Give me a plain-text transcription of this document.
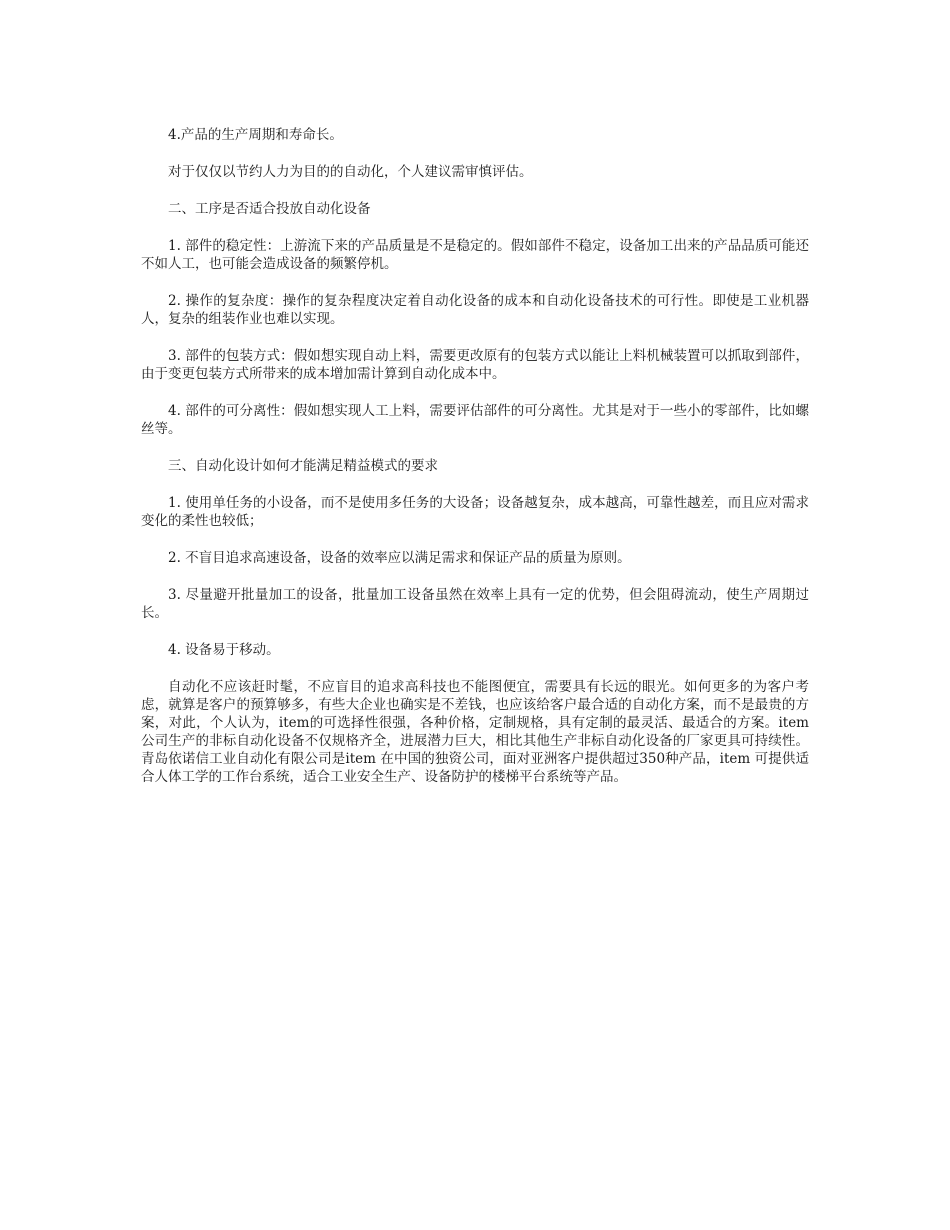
4.产品的生产周期和寿命长。

对于仅仅以节约人力为目的的自动化，个人建议需审慎评估。

二、工序是否适合投放自动化设备

1. 部件的稳定性：上游流下来的产品质量是不是稳定的。假如部件不稳定，设备加工出来的产品品质可能还不如人工，也可能会造成设备的频繁停机。

2. 操作的复杂度：操作的复杂程度决定着自动化设备的成本和自动化设备技术的可行性。即使是工业机器人，复杂的组装作业也难以实现。

3. 部件的包装方式：假如想实现自动上料，需要更改原有的包装方式以能让上料机械装置可以抓取到部件，由于变更包装方式所带来的成本增加需计算到自动化成本中。

4. 部件的可分离性：假如想实现人工上料，需要评估部件的可分离性。尤其是对于一些小的零部件，比如螺丝等。

三、自动化设计如何才能满足精益模式的要求

1. 使用单任务的小设备，而不是使用多任务的大设备；设备越复杂，成本越高，可靠性越差，而且应对需求变化的柔性也较低；

2. 不盲目追求高速设备，设备的效率应以满足需求和保证产品的质量为原则。

3. 尽量避开批量加工的设备，批量加工设备虽然在效率上具有一定的优势，但会阻碍流动，使生产周期过长。

4. 设备易于移动。

自动化不应该赶时髦，不应盲目的追求高科技也不能图便宜，需要具有长远的眼光。如何更多的为客户考虑，就算是客户的预算够多，有些大企业也确实是不差钱，也应该给客户最合适的自动化方案，而不是最贵的方案，对此，个人认为，item的可选择性很强，各种价格，定制规格，具有定制的最灵活、最适合的方案。item公司生产的非标自动化设备不仅规格齐全，进展潜力巨大，相比其他生产非标自动化设备的厂家更具可持续性。青岛依诺信工业自动化有限公司是item 在中国的独资公司，面对亚洲客户提供超过350种产品，item 可提供适合人体工学的工作台系统，适合工业安全生产、设备防护的楼梯平台系统等产品。
